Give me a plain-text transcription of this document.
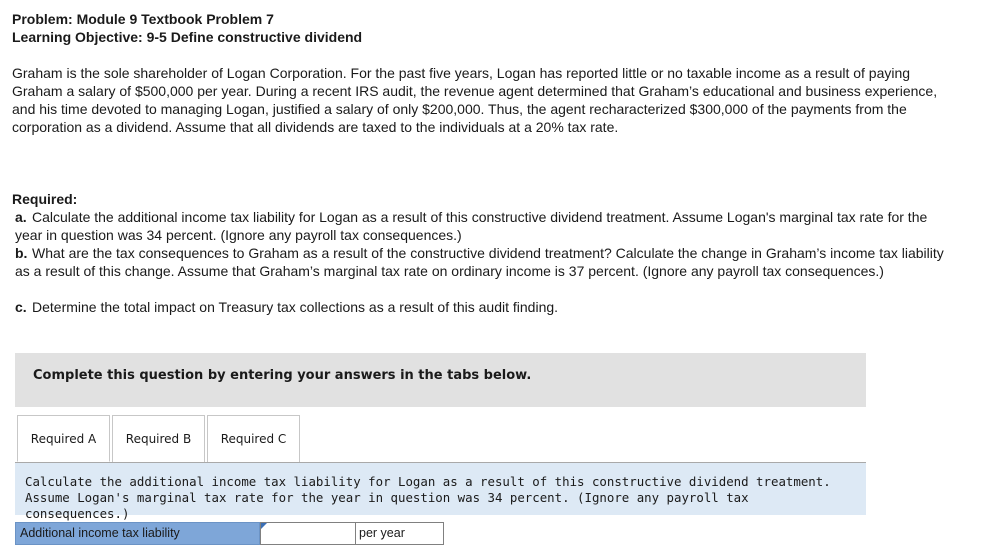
Problem: Module 9 Textbook Problem 7
Learning Objective: 9-5 Define constructive dividend
Graham is the sole shareholder of Logan Corporation. For the past five years, Logan has reported little or no taxable income as a result of paying Graham a salary of $500,000 per year. During a recent IRS audit, the revenue agent determined that Graham’s educational and business experience, and his time devoted to managing Logan, justified a salary of only $200,000. Thus, the agent recharacterized $300,000 of the payments from the corporation as a dividend. Assume that all dividends are taxed to the individuals at a 20% tax rate.
Required:
a. Calculate the additional income tax liability for Logan as a result of this constructive dividend treatment. Assume Logan's marginal tax rate for the year in question was 34 percent. (Ignore any payroll tax consequences.)
b. What are the tax consequences to Graham as a result of the constructive dividend treatment? Calculate the change in Graham’s income tax liability as a result of this change. Assume that Graham’s marginal tax rate on ordinary income is 37 percent. (Ignore any payroll tax consequences.)
c. Determine the total impact on Treasury tax collections as a result of this audit finding.
Complete this question by entering your answers in the tabs below.
Required A	Required B	Required C
Calculate the additional income tax liability for Logan as a result of this constructive dividend treatment. Assume Logan's marginal tax rate for the year in question was 34 percent. (Ignore any payroll tax consequences.)
Additional income tax liability	per year
